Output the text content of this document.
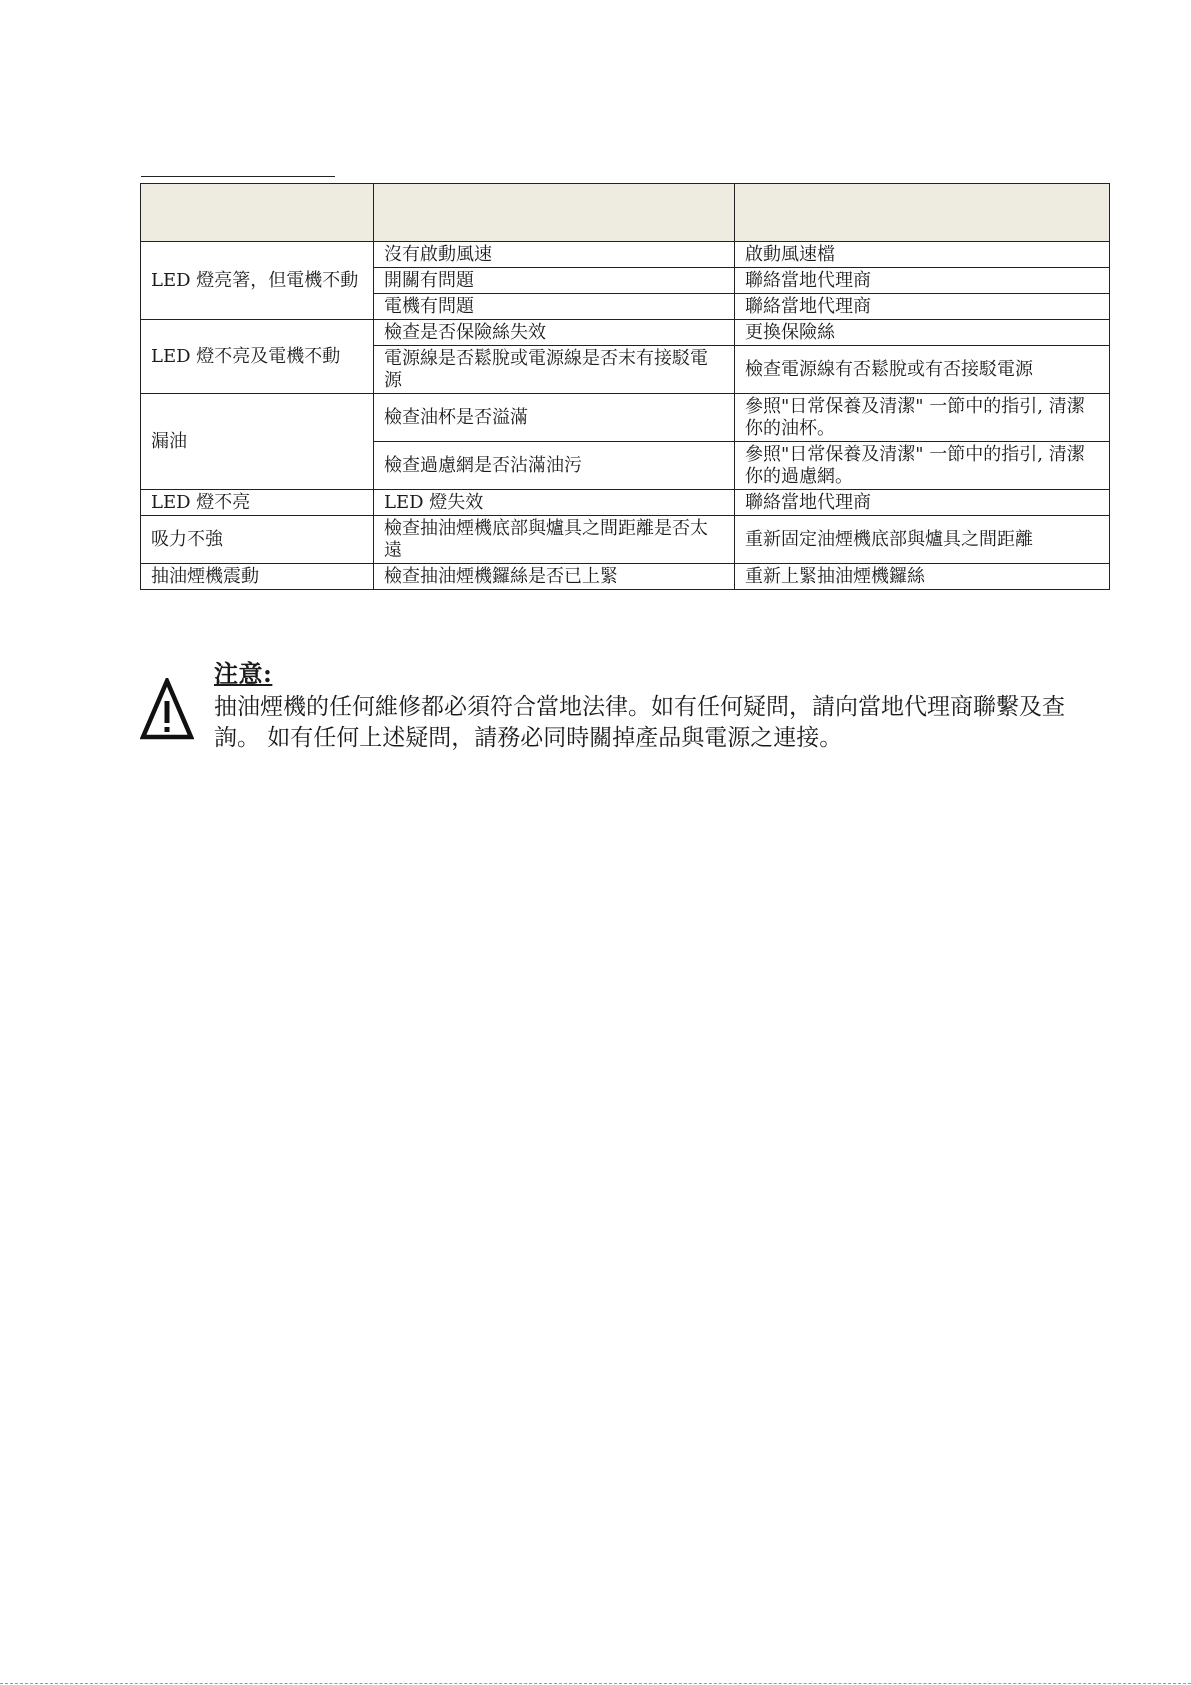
LED 燈亮箸，但電機不動	沒有啟動風速	啟動風速檔
	開關有問題	聯絡當地代理商
	電機有問題	聯絡當地代理商
LED 燈不亮及電機不動	檢查是否保險絲失效	更換保險絲
	電源線是否鬆脫或電源線是否末有接駁電源	檢查電源線有否鬆脫或有否接駁電源
漏油	檢查油杯是否溢滿	參照"日常保養及清潔" 一節中的指引, 清潔你的油杯。
	檢查過慮網是否沾滿油污	參照"日常保養及清潔" 一節中的指引, 清潔你的過慮網。
LED 燈不亮	LED 燈失效	聯絡當地代理商
吸力不強	檢查抽油煙機底部與爐具之間距離是否太遠	重新固定油煙機底部與爐具之間距離
抽油煙機震動	檢查抽油煙機鑼絲是否已上緊	重新上緊抽油煙機鑼絲
注意:
抽油煙機的任何維修都必須符合當地法律。如有任何疑問，請向當地代理商聯繫及查詢。 如有任何上述疑問，請務必同時關掉產品與電源之連接。
